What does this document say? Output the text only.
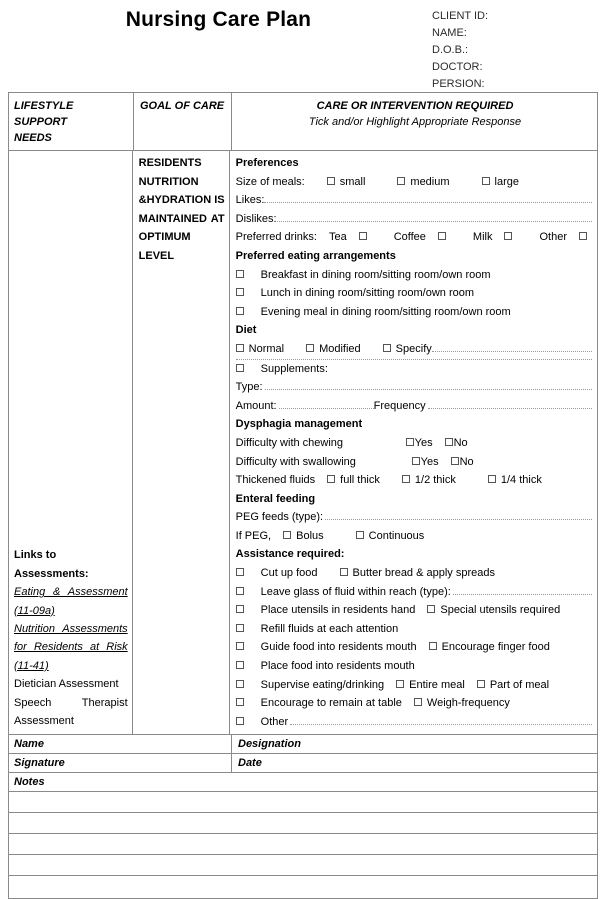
Nursing Care Plan	CLIENT ID:
NAME:
D.O.B.:
DOCTOR:
PERSION:
LIFESTYLE SUPPORT
NEEDS
GOAL OF CARE	CARE OR INTERVENTION REQUIRED
Tick and/or Highlight Appropriate Response
Links to Assessments:
Eating & Assessment
(11-09a)
Nutrition Assessments
for Residents at Risk
(11-41)
Dietician Assessment
Speech Therapist
Assessment
RESIDENTS
NUTRITION
&HYDRATION IS
MAINTAINED AT
OPTIMUM LEVEL
Preferences
Size of meals:	small	medium	large
Likes:
Dislikes:
Preferred drinks: Tea	Coffee	Milk	Other
Preferred eating arrangements
Breakfast in dining room/sitting room/own room
Lunch in dining room/sitting room/own room
Evening meal in dining room/sitting room/own room
Diet
Normal	Modified	Specify
Supplements:
Type:
Amount:	Frequency
Dysphagia management
Difficulty with chewing	Yes No
Difficulty with swallowing	Yes No
Thickened fluids full thick	1/2 thick	1/4 thick
Enteral feeding
PEG feeds (type):
If PEG, Bolus	Continuous
Assistance required:
Cut up food	Butter bread & apply spreads
Leave glass of fluid within reach (type):
Place utensils in residents hand Special utensils required
Refill fluids at each attention
Guide food into residents mouth Encourage finger food
Place food into residents mouth
Supervise eating/drinking Entire meal Part of meal
Encourage to remain at table Weigh-frequency
Other
Name	Designation
Signature	Date
Notes
